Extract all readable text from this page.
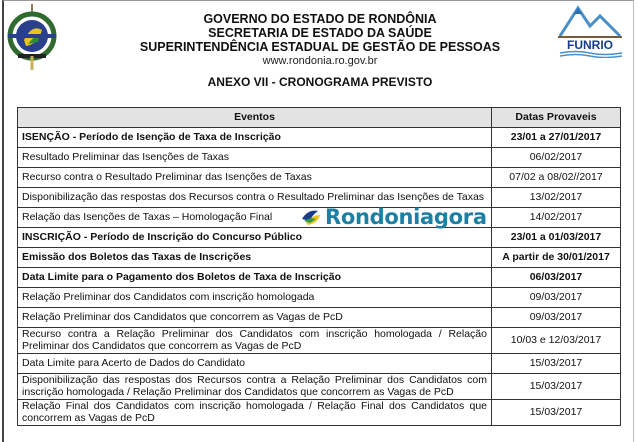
GOVERNO DO ESTADO DE RONDÔNIA
SECRETARIA DE ESTADO DA SAÚDE
SUPERINTENDÊNCIA ESTADUAL DE GESTÃO DE PESSOAS
www.rondonia.ro.gov.br
ANEXO VII - CRONOGRAMA PREVISTO
FUNRIO
Eventos	Datas Provaveis
ISENÇÃO - Período de Isenção de Taxa de Inscrição	23/01 a 27/01/2017
Resultado Preliminar das Isenções de Taxas	06/02/2017
Recurso contra o Resultado Preliminar das Isenções de Taxas	07/02 a 08/02//2017
Disponibilização das respostas dos Recursos contra o Resultado Preliminar das Isenções de Taxas	13/02/2017
Relação das Isenções de Taxas – Homologação Final	14/02/2017
INSCRIÇÃO - Período de Inscrição do Concurso Público	23/01 a 01/03/2017
Emissão dos Boletos das Taxas de Inscrições	A partir de 30/01/2017
Data Limite para o Pagamento dos Boletos de Taxa de Inscrição	06/03/2017
Relação Preliminar dos Candidatos com inscrição homologada	09/03/2017
Relação Preliminar dos Candidatos que concorrem as Vagas de PcD	09/03/2017
Recurso contra a Relação Preliminar dos Candidatos com inscrição homologada / Relação Preliminar dos Candidatos que concorrem as Vagas de PcD	10/03 e 12/03/2017
Data Limite para Acerto de Dados do Candidato	15/03/2017
Disponibilização das respostas dos Recursos contra a Relação Preliminar dos Candidatos com inscrição homologada / Relação Preliminar dos Candidatos que concorrem as Vagas de PcD	15/03/2017
Relação Final dos Candidatos com inscrição homologada / Relação Final dos Candidatos que concorrem as Vagas de PcD	15/03/2017
Rondoniagora
